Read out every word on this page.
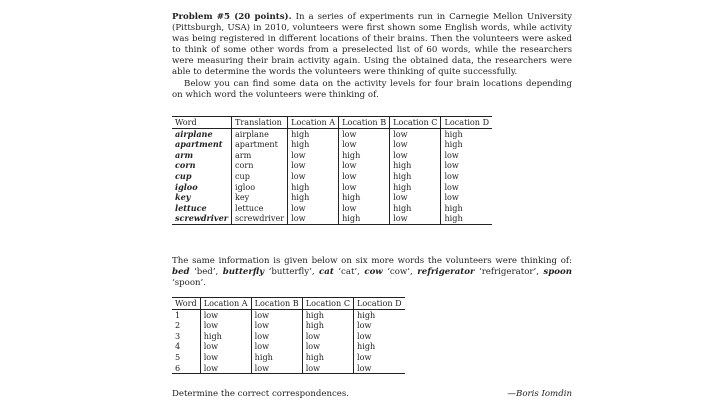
Problem #5 (20 points). In a series of experiments run in Carnegie Mellon University (Pittsburgh, USA) in 2010, volunteers were first shown some English words, while activity was being registered in different locations of their brains. Then the volunteers were asked to think of some other words from a preselected list of 60 words, while the researchers were measuring their brain activity again. Using the obtained data, the researchers were able to determine the words the volunteers were thinking of quite successfully.

Below you can find some data on the activity levels for four brain locations depending on which word the volunteers were thinking of.

Word	Translation	Location A	Location B	Location C	Location D
airplane	airplane	high	low	low	high
apartment	apartment	high	low	low	high
arm	arm	low	high	low	low
corn	corn	low	low	high	low
cup	cup	low	low	high	low
igloo	igloo	high	low	high	low
key	key	high	high	low	low
lettuce	lettuce	low	low	high	high
screwdriver	screwdriver	low	high	low	high

The same information is given below on six more words the volunteers were thinking of: bed ‘bed’, butterfly ‘butterfly’, cat ‘cat’, cow ‘cow’, refrigerator ‘refrigerator’, spoon ‘spoon’.

Word	Location A	Location B	Location C	Location D
1	low	low	high	high
2	low	low	high	low
3	high	low	low	low
4	low	low	low	high
5	low	high	high	low
6	low	low	low	low
Determine the correct correspondences.	—Boris Iomdin
